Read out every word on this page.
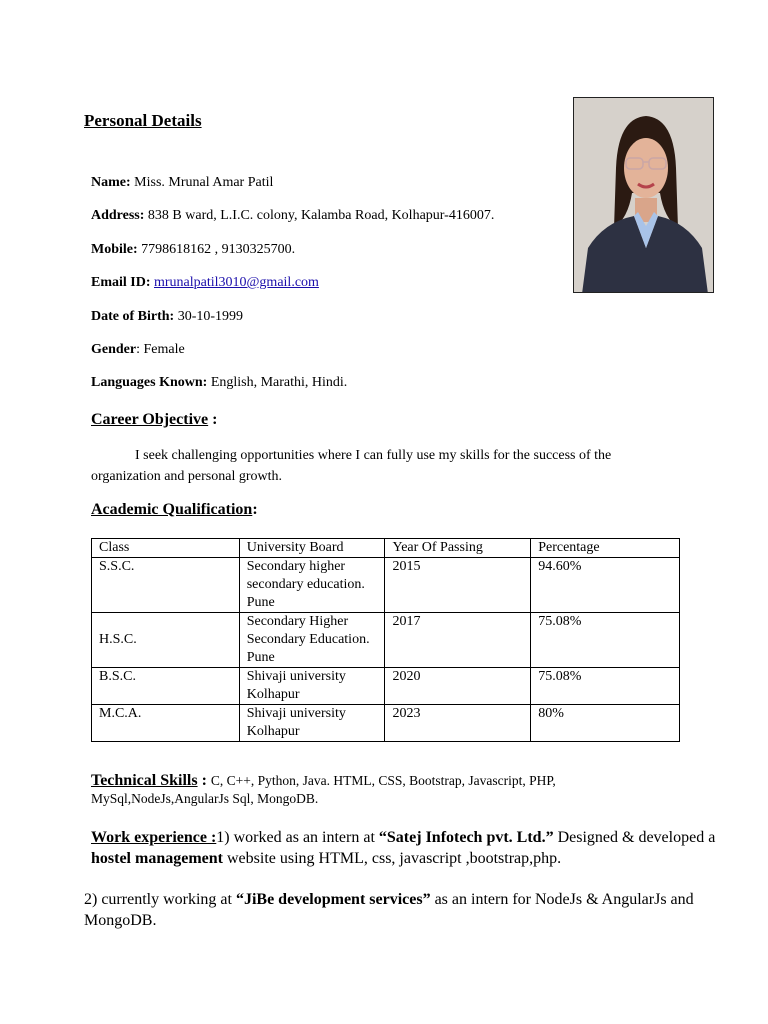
Personal Details
Name: Miss. Mrunal Amar Patil
Address: 838 B ward, L.I.C. colony, Kalamba Road, Kolhapur-416007.
Mobile: 7798618162 , 9130325700.
Email ID: mrunalpatil3010@gmail.com
Date of Birth: 30-10-1999
Gender: Female
Languages Known: English, Marathi, Hindi.
Career Objective :
I seek challenging opportunities where I can fully use my skills for the success of the organization and personal growth.
Academic Qualification:
Class	University Board	Year Of Passing	Percentage
S.S.C.	Secondary higher secondary education. Pune	2015	94.60%
H.S.C.	Secondary Higher Secondary Education. Pune	2017	75.08%
B.S.C.	Shivaji university Kolhapur	2020	75.08%
M.C.A.	Shivaji university Kolhapur	2023	80%
Technical Skills : C, C++, Python, Java. HTML, CSS, Bootstrap, Javascript, PHP, MySql,NodeJs,AngularJs Sql, MongoDB.
Work experience :1) worked as an intern at “Satej Infotech pvt. Ltd.” Designed & developed a hostel management website using HTML, css, javascript ,bootstrap,php.
2) currently working at “JiBe development services” as an intern for NodeJs & AngularJs and MongoDB.
